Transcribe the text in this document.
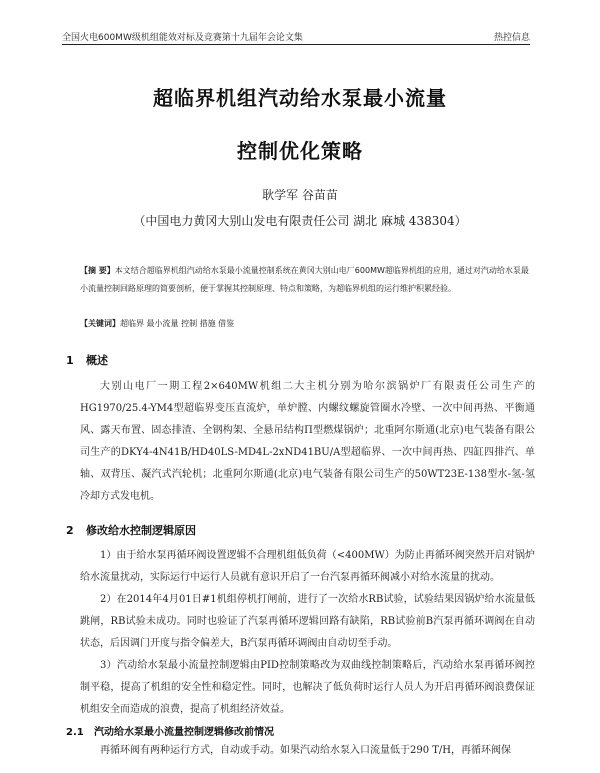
全国火电600MW级机组能效对标及竞赛第十九届年会论文集	热控信息
超临界机组汽动给水泵最小流量
控制优化策略
耿学军 谷苗苗
（中国电力黄冈大别山发电有限责任公司 湖北 麻城 438304）

【摘 要】本文结合超临界机组汽动给水泵最小流量控制系统在黄冈大别山电厂600MW超临界机组的应用，通过对汽动给水泵最小流量控制回路原理的简要剖析，便于掌握其控制原理、特点和策略，为超临界机组的运行维护积累经验。

【关键词】超临界 最小流量 控制 措施 借鉴
1 概述

大别山电厂一期工程2×640MW机组二大主机分别为哈尔滨锅炉厂有限责任公司生产的HG1970/25.4-YM4型超临界变压直流炉，单炉膛、内螺纹螺旋管圈水冷壁、一次中间再热、平衡通风、露天布置、固态排渣、全钢构架、全悬吊结构Π型燃煤锅炉；北重阿尔斯通(北京)电气装备有限公司生产的DKY4-4N41B/HD40LS-MD4L-2xND41BU/A型超临界、一次中间再热、四缸四排汽、单轴、双背压、凝汽式汽轮机；北重阿尔斯通(北京)电气装备有限公司生产的50WT23E-138型水-氢-氢冷却方式发电机。

2 修改给水控制逻辑原因

1）由于给水泵再循环阀设置逻辑不合理机组低负荷（<400MW）为防止再循环阀突然开启对锅炉给水流量扰动，实际运行中运行人员就有意识开启了一台汽泵再循环阀减小对给水流量的扰动。

2）在2014年4月01日#1机组停机打闸前，进行了一次给水RB试验，试验结果因锅炉给水流量低跳闸，RB试验未成功。同时也验证了汽泵再循环逻辑回路有缺陷，RB试验前B汽泵再循环调阀在自动状态，后因调门开度与指令偏差大，B汽泵再循环调阀由自动切至手动。

3）汽动给水泵最小流量控制逻辑由PID控制策略改为双曲线控制策略后，汽动给水泵再循环阀控制平稳，提高了机组的安全性和稳定性。同时，也解决了低负荷时运行人员人为开启再循环阀浪费保证机组安全而造成的浪费，提高了机组经济效益。

2.1 汽动给水泵最小流量控制逻辑修改前情况

再循环阀有两种运行方式，自动或手动。如果汽动给水泵入口流量低于290 T/H，再循环阀保
